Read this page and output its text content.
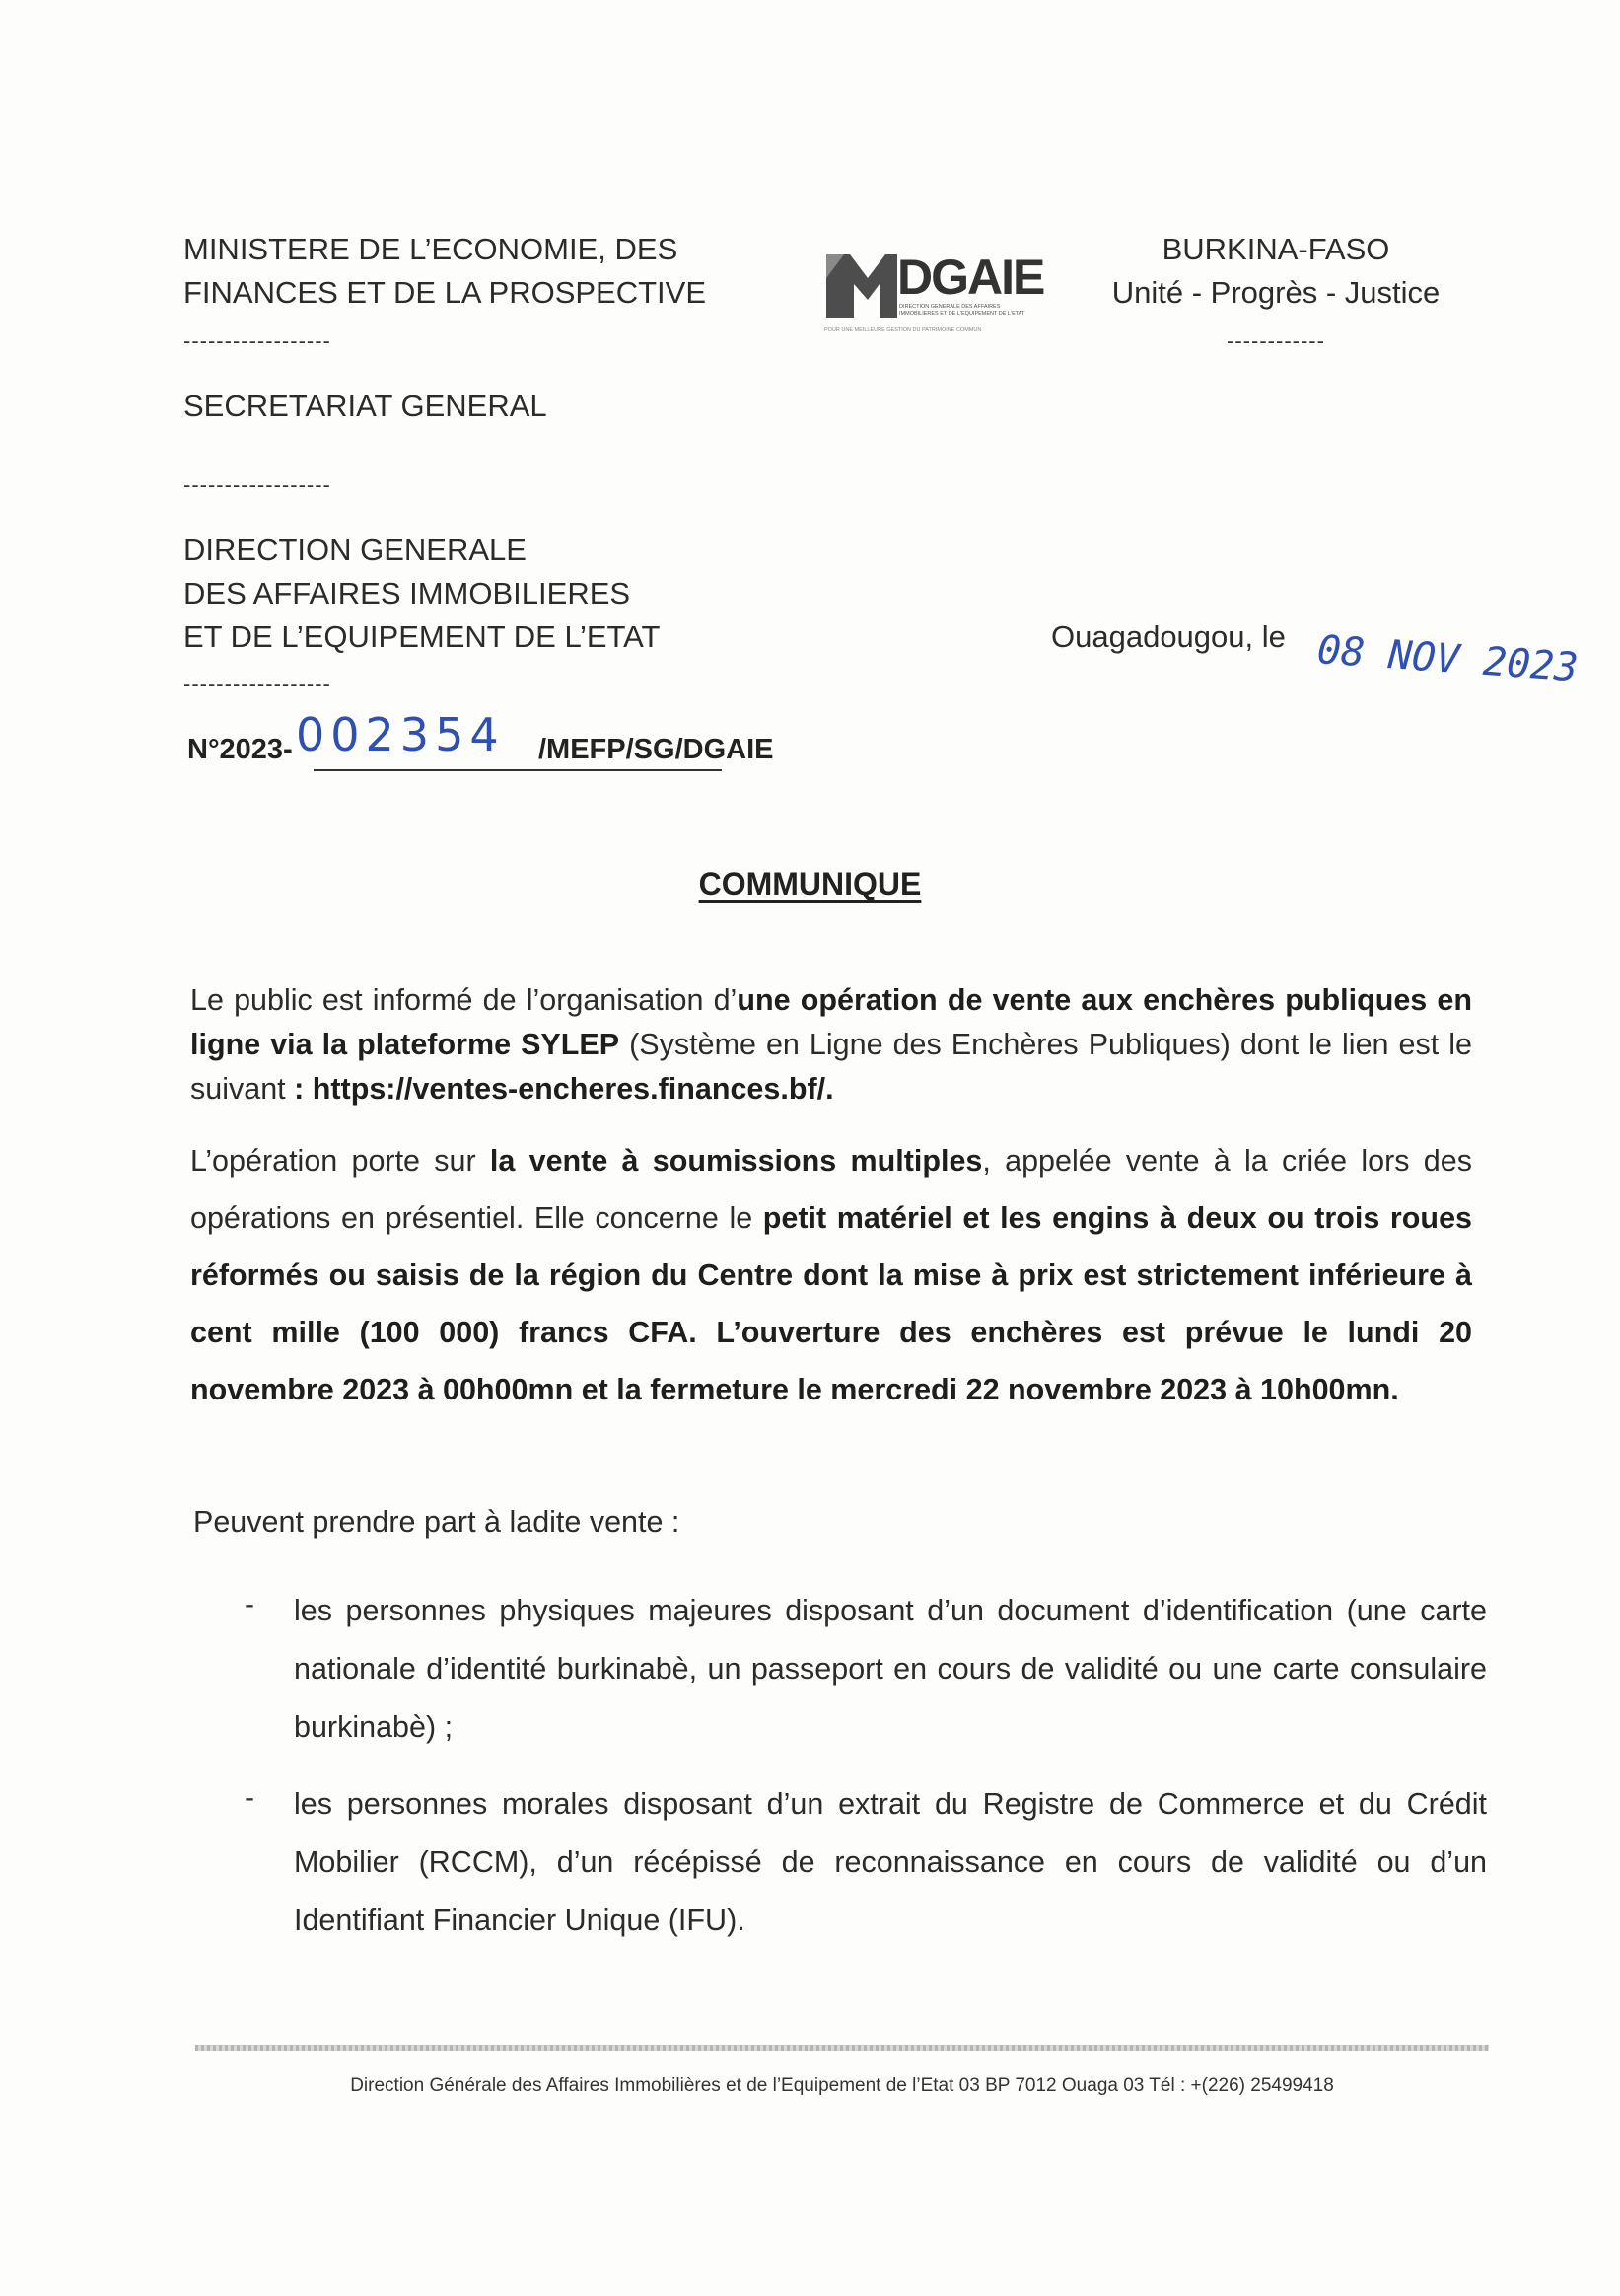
MINISTERE DE L’ECONOMIE, DES
FINANCES ET DE LA PROSPECTIVE
------------------
DGAIE
DIRECTION GENERALE DES AFFAIRES
IMMOBILIERES ET DE L'EQUIPEMENT DE L'ETAT
POUR UNE MEILLEURE GESTION DU PATRIMOINE COMMUN
BURKINA-FASO
Unité - Progrès - Justice
------------
SECRETARIAT GENERAL
------------------
DIRECTION GENERALE
DES AFFAIRES IMMOBILIERES
ET DE L’EQUIPEMENT DE L’ETAT
------------------
Ouagadougou, le 08 NOV 2023
N°2023- 002354 /MEFP/SG/DGAIE
COMMUNIQUE
Le public est informé de l’organisation d’une opération de vente aux enchères publiques en ligne via la plateforme SYLEP (Système en Ligne des Enchères Publiques) dont le lien est le suivant : https://ventes-encheres.finances.bf/.
L’opération porte sur la vente à soumissions multiples, appelée vente à la criée lors des opérations en présentiel. Elle concerne le petit matériel et les engins à deux ou trois roues réformés ou saisis de la région du Centre dont la mise à prix est strictement inférieure à cent mille (100 000) francs CFA. L’ouverture des enchères est prévue le lundi 20 novembre 2023 à 00h00mn et la fermeture le mercredi 22 novembre 2023 à 10h00mn.
Peuvent prendre part à ladite vente :
- les personnes physiques majeures disposant d’un document d’identification (une carte nationale d’identité burkinabè, un passeport en cours de validité ou une carte consulaire burkinabè) ;
- les personnes morales disposant d’un extrait du Registre de Commerce et du Crédit Mobilier (RCCM), d’un récépissé de reconnaissance en cours de validité ou d’un Identifiant Financier Unique (IFU).
Direction Générale des Affaires Immobilières et de l’Equipement de l’Etat 03 BP 7012 Ouaga 03 Tél : +(226) 25499418
